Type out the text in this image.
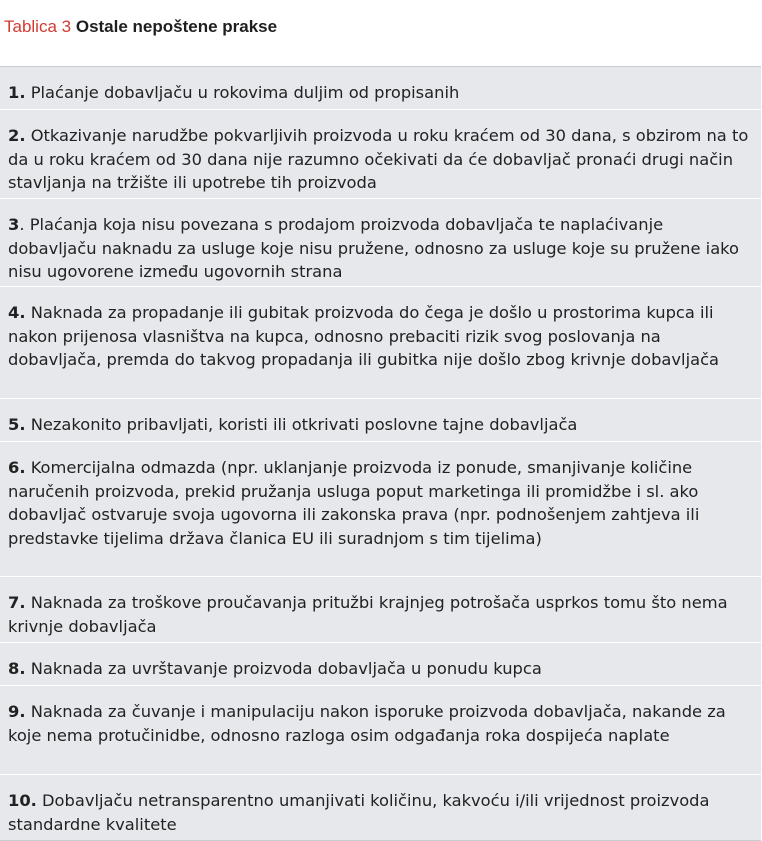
Tablica 3 Ostale nepoštene prakse
1. Plaćanje dobavljaču u rokovima duljim od propisanih
2. Otkazivanje narudžbe pokvarljivih proizvoda u roku kraćem od 30 dana, s obzirom na to da u roku kraćem od 30 dana nije razumno očekivati da će dobavljač pronaći drugi način stavljanja na tržište ili upotrebe tih proizvoda
3. Plaćanja koja nisu povezana s prodajom proizvoda dobavljača te naplaćivanje dobavljaču naknadu za usluge koje nisu pružene, odnosno za usluge koje su pružene iako nisu ugovorene između ugovornih strana
4. Naknada za propadanje ili gubitak proizvoda do čega je došlo u prostorima kupca ili nakon prijenosa vlasništva na kupca, odnosno prebaciti rizik svog poslovanja na dobavljača, premda do takvog propadanja ili gubitka nije došlo zbog krivnje dobavljača
5. Nezakonito pribavljati, koristi ili otkrivati poslovne tajne dobavljača
6. Komercijalna odmazda (npr. uklanjanje proizvoda iz ponude, smanjivanje količine naručenih proizvoda, prekid pružanja usluga poput marketinga ili promidžbe i sl. ako dobavljač ostvaruje svoja ugovorna ili zakonska prava (npr. podnošenjem zahtjeva ili predstavke tijelima država članica EU ili suradnjom s tim tijelima)
7. Naknada za troškove proučavanja pritužbi krajnjeg potrošača usprkos tomu što nema krivnje dobavljača
8. Naknada za uvrštavanje proizvoda dobavljača u ponudu kupca
9. Naknada za čuvanje i manipulaciju nakon isporuke proizvoda dobavljača, nakande za koje nema protučinidbe, odnosno razloga osim odgađanja roka dospijeća naplate
10. Dobavljaču netransparentno umanjivati količinu, kakvoću i/ili vrijednost proizvoda standardne kvalitete
